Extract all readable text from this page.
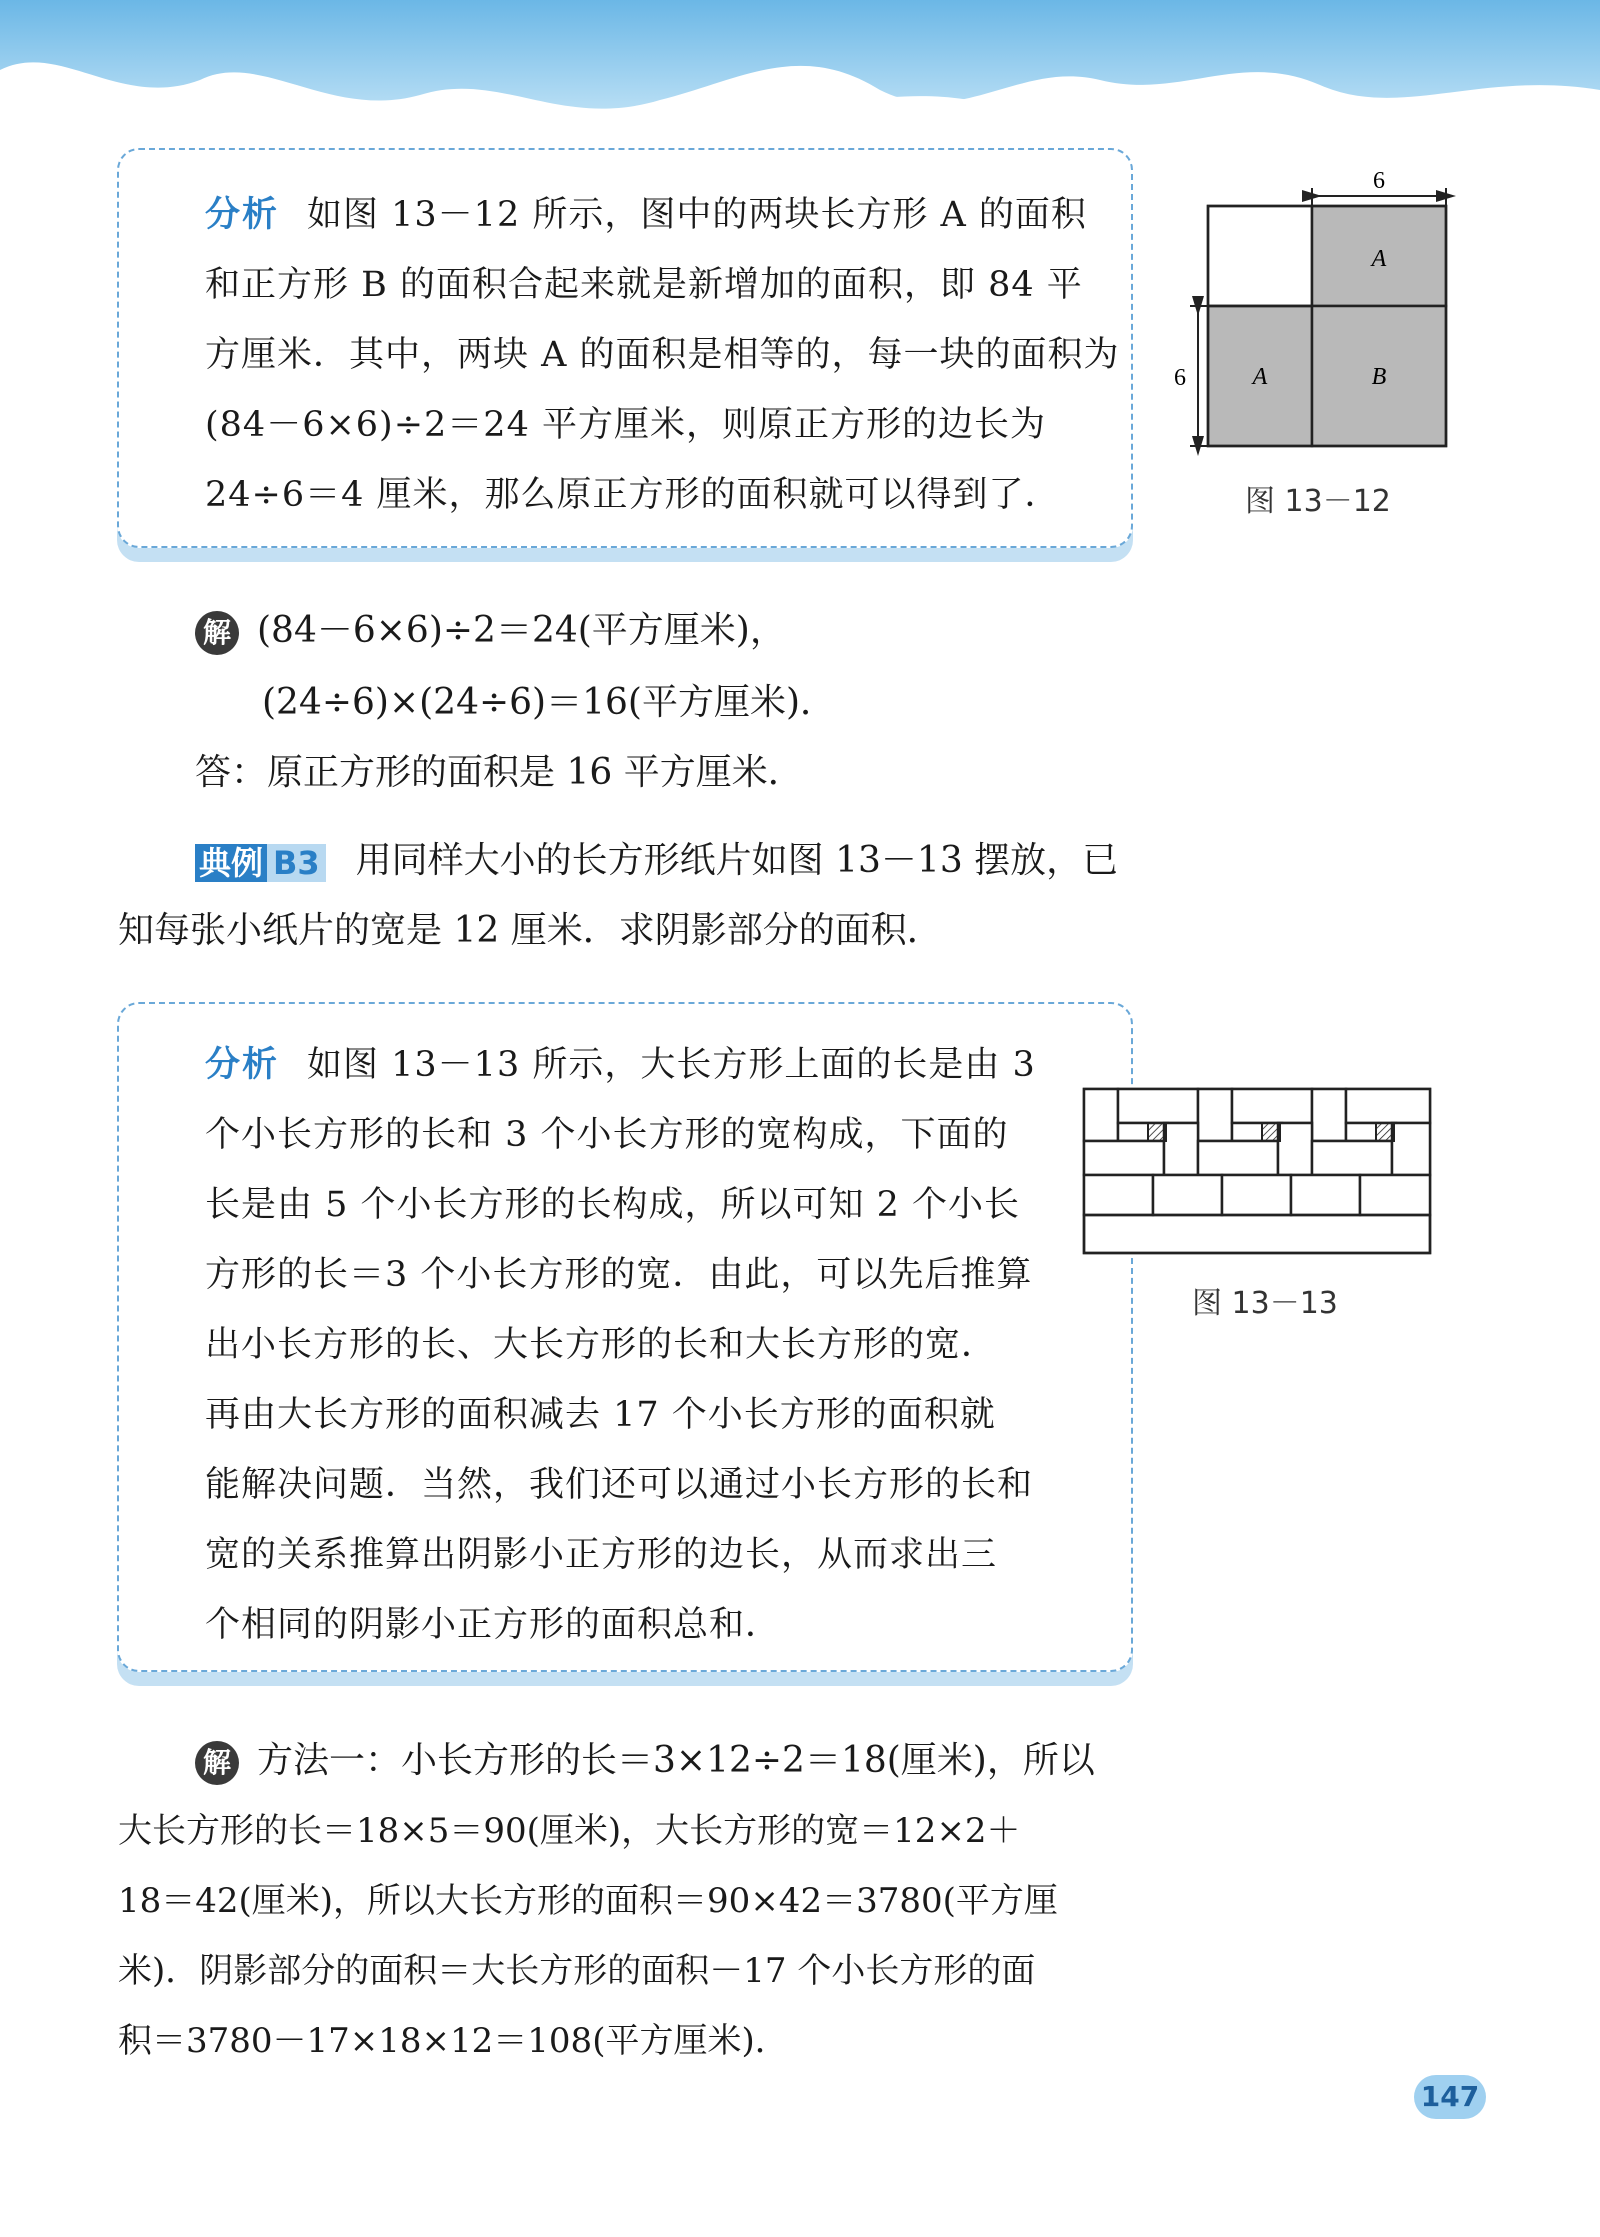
分析 如图 13－12 所示，图中的两块长方形 A 的面积
和正方形 B 的面积合起来就是新增加的面积，即 84 平
方厘米．其中，两块 A 的面积是相等的，每一块的面积为
(84－6×6)÷2＝24 平方厘米，则原正方形的边长为
24÷6＝4 厘米，那么原正方形的面积就可以得到了．
6
6
A
A	B
图 13－12
解 (84－6×6)÷2＝24(平方厘米)，
(24÷6)×(24÷6)＝16(平方厘米)．
答：原正方形的面积是 16 平方厘米．
典例 B3 用同样大小的长方形纸片如图 13－13 摆放，已
知每张小纸片的宽是 12 厘米．求阴影部分的面积．
分析 如图 13－13 所示，大长方形上面的长是由 3
个小长方形的长和 3 个小长方形的宽构成，下面的
长是由 5 个小长方形的长构成，所以可知 2 个小长
方形的长＝3 个小长方形的宽．由此，可以先后推算
出小长方形的长、大长方形的长和大长方形的宽．
再由大长方形的面积减去 17 个小长方形的面积就
能解决问题．当然，我们还可以通过小长方形的长和
宽的关系推算出阴影小正方形的边长，从而求出三
个相同的阴影小正方形的面积总和．
图 13－13
解 方法一：小长方形的长＝3×12÷2＝18(厘米)，所以
大长方形的长＝18×5＝90(厘米)，大长方形的宽＝12×2＋
18＝42(厘米)，所以大长方形的面积＝90×42＝3780(平方厘
米)．阴影部分的面积＝大长方形的面积－17 个小长方形的面
积＝3780－17×18×12＝108(平方厘米)．
147
